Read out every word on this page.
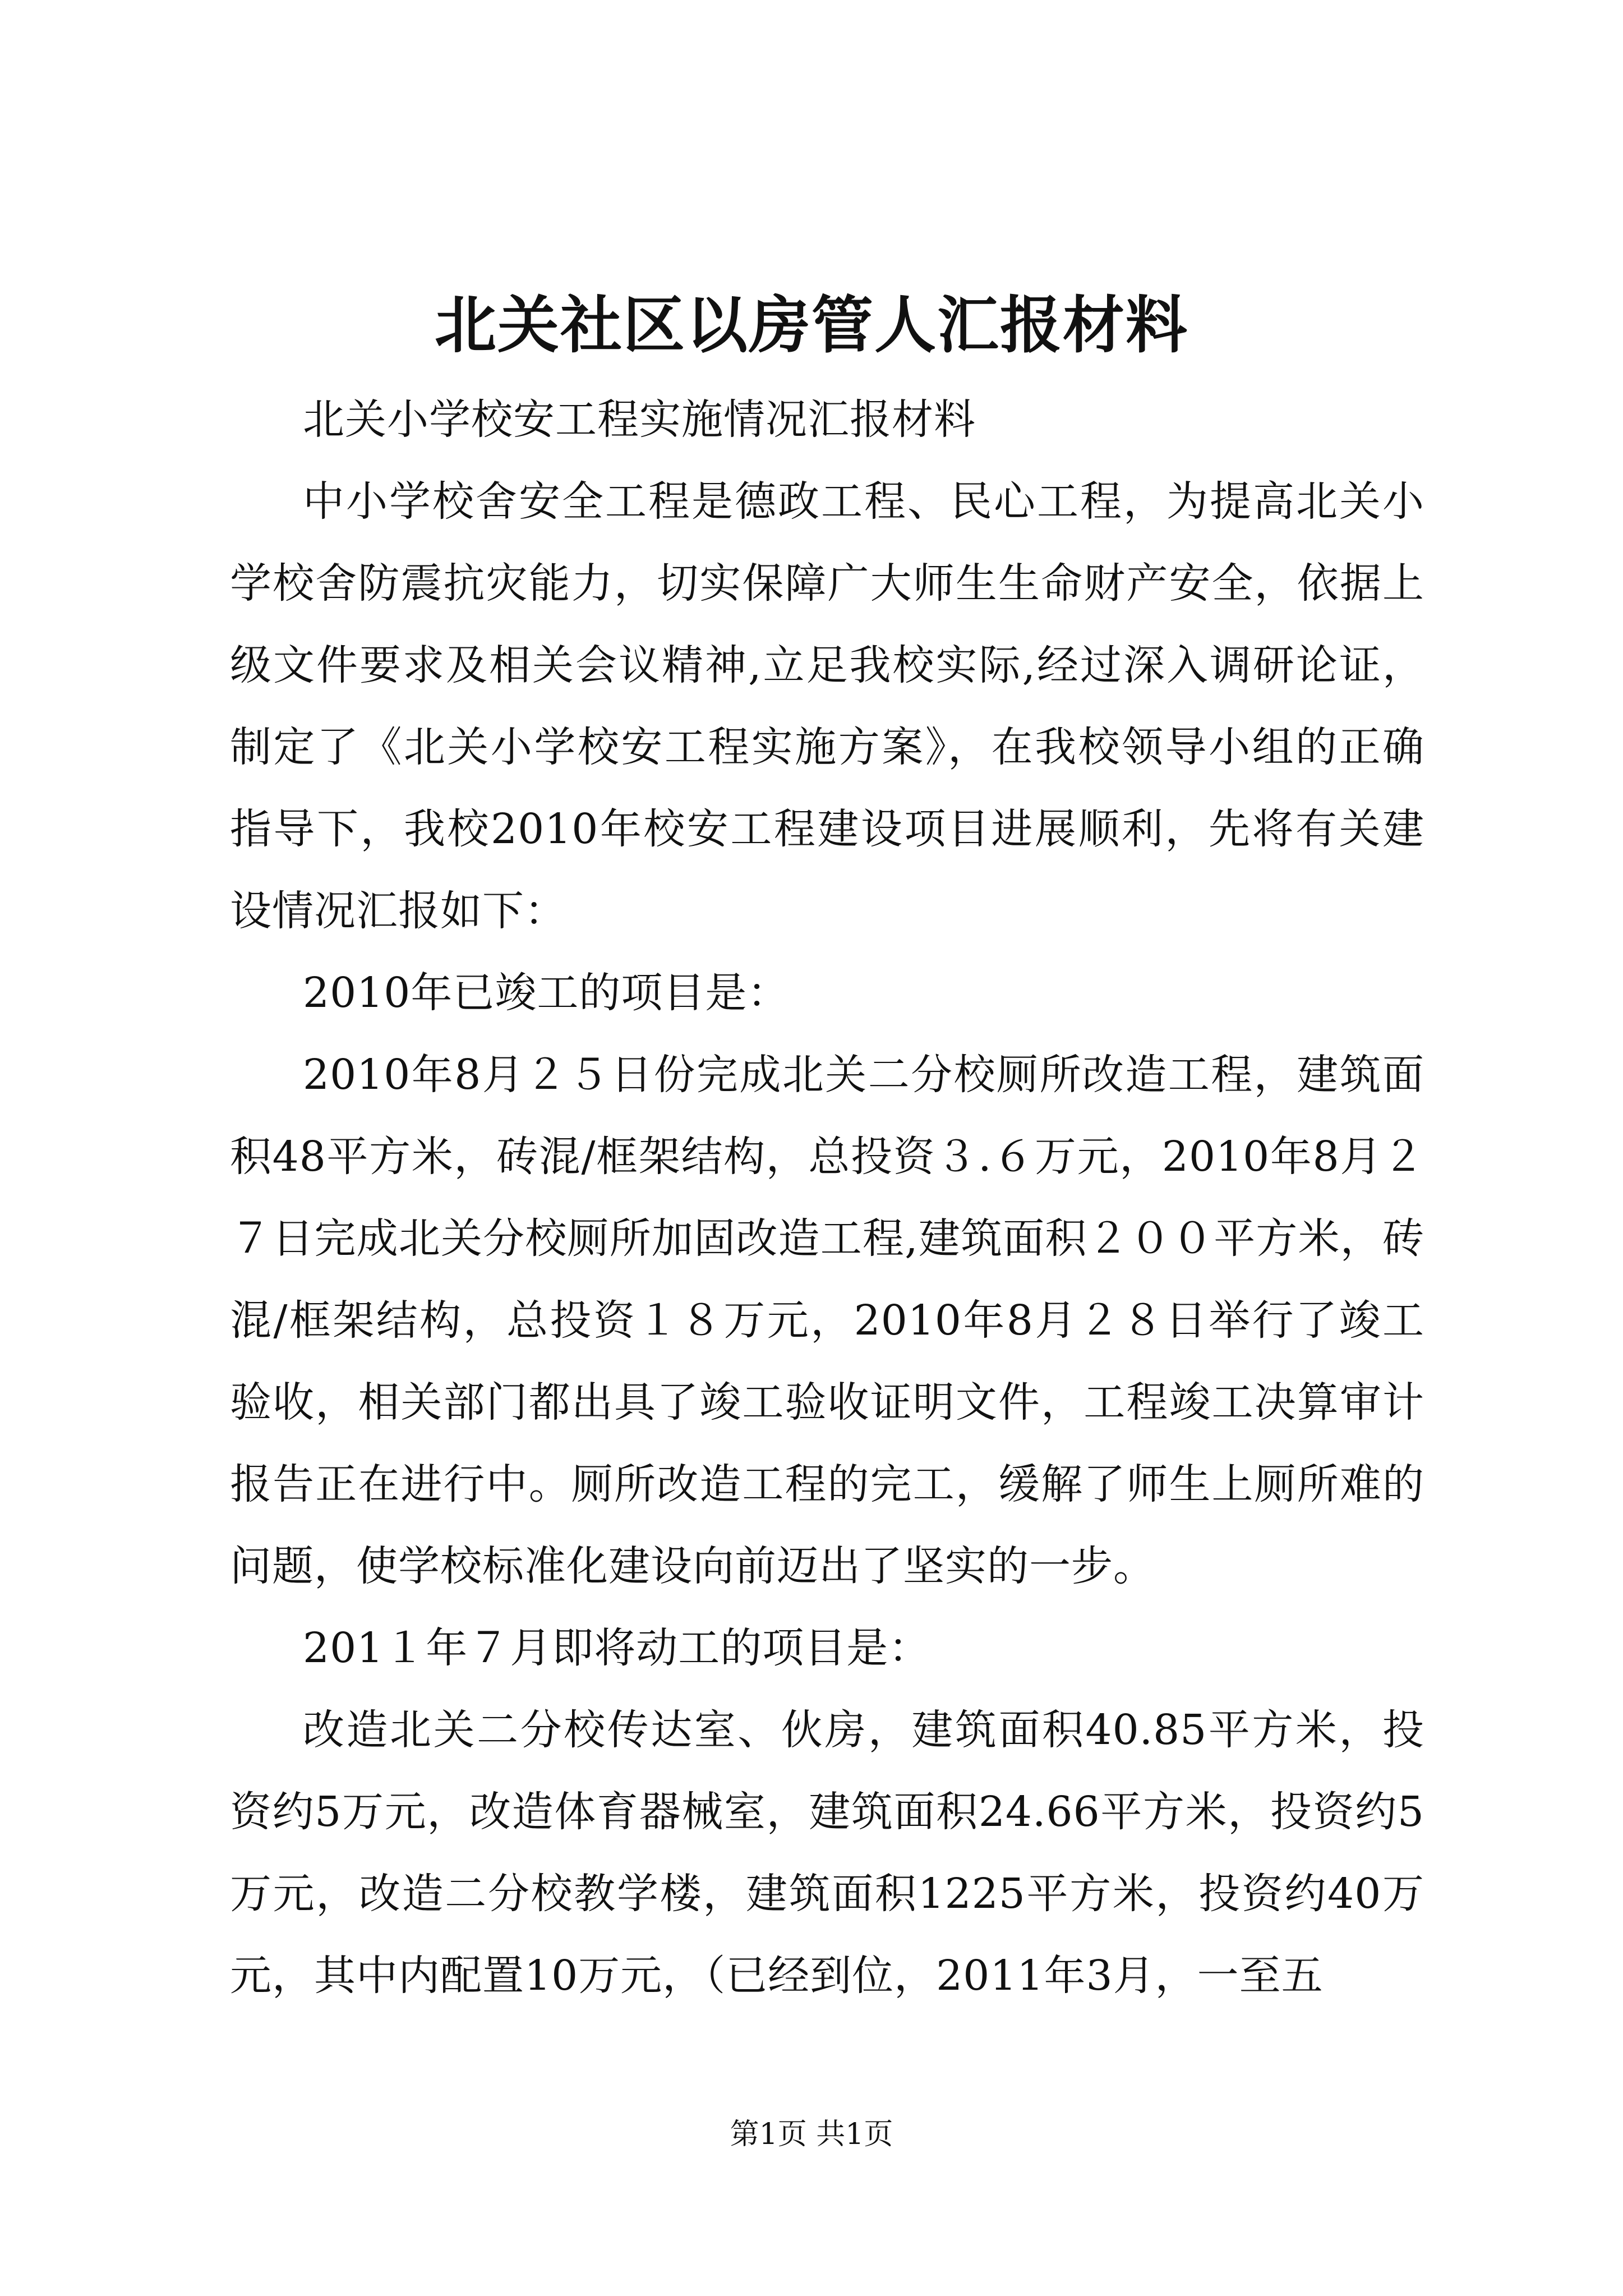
北关社区以房管人汇报材料

北关小学校安工程实施情况汇报材料

中小学校舍安全工程是德政工程、民心工程，为提高北关小学校舍防震抗灾能力，切实保障广大师生生命财产安全，依据上级文件要求及相关会议精神,立足我校实际,经过深入调研论证，制定了《北关小学校安工程实施方案》，在我校领导小组的正确指导下，我校2010年校安工程建设项目进展顺利，先将有关建设情况汇报如下：

2010年已竣工的项目是：

2010年8月２５日份完成北关二分校厕所改造工程，建筑面积48平方米，砖混/框架结构，总投资３.６万元，2010年8月２７日完成北关分校厕所加固改造工程,建筑面积２００平方米，砖混/框架结构，总投资１８万元，2010年8月２８日举行了竣工验收，相关部门都出具了竣工验收证明文件，工程竣工决算审计报告正在进行中。厕所改造工程的完工，缓解了师生上厕所难的问题，使学校标准化建设向前迈出了坚实的一步。

201１年７月即将动工的项目是：

改造北关二分校传达室、伙房，建筑面积40.85平方米，投资约5万元，改造体育器械室，建筑面积24.66平方米，投资约5万元，改造二分校教学楼，建筑面积1225平方米，投资约40万元，其中内配置10万元，（已经到位，2011年3月，一至五

第1页 共1页
